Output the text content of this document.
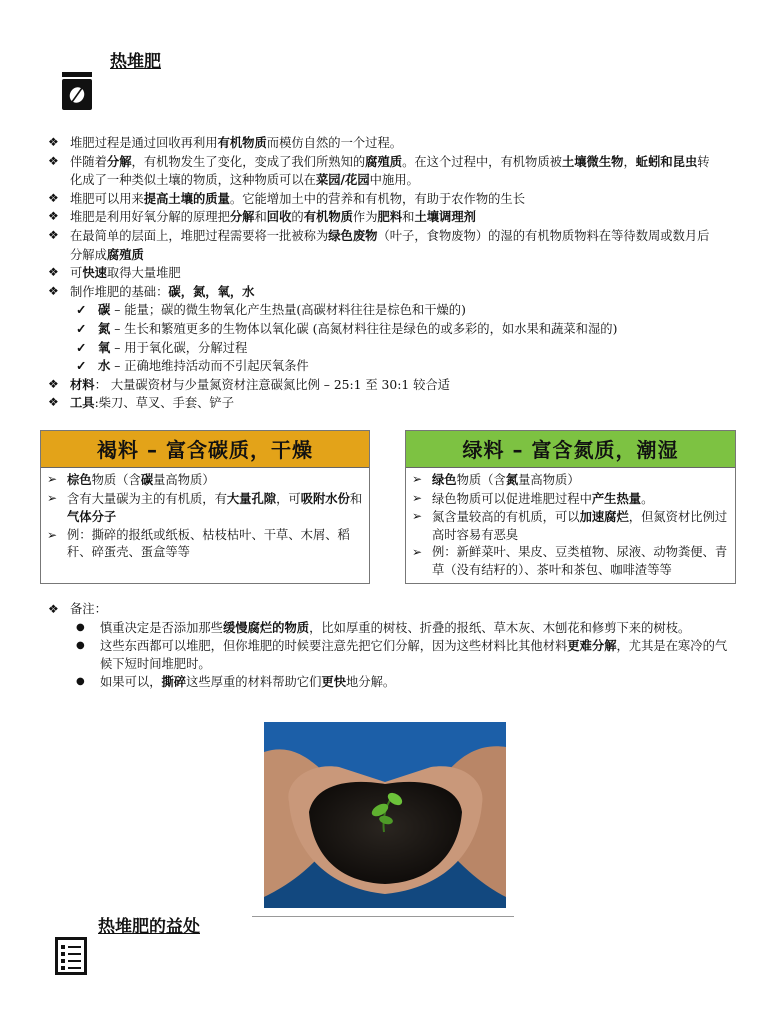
热堆肥
❖ 堆肥过程是通过回收再利用有机物质而模仿自然的一个过程。
❖ 伴随着分解，有机物发生了变化，变成了我们所熟知的腐殖质。在这个过程中，有机物质被土壤微生物，蚯蚓和昆虫转化成了一种类似土壤的物质，这种物质可以在菜园/花园中施用。
❖ 堆肥可以用来提高土壤的质量。它能增加土中的营养和有机物，有助于农作物的生长
❖ 堆肥是利用好氧分解的原理把分解和回收的有机物质作为肥料和土壤调理剂
❖ 在最简单的层面上，堆肥过程需要将一批被称为绿色废物（叶子，食物废物）的湿的有机物质物料在等待数周或数月后分解成腐殖质
❖ 可快速取得大量堆肥
❖ 制作堆肥的基础：碳，氮，氧，水
✓ 碳 – 能量；碳的微生物氧化产生热量(高碳材料往往是棕色和干燥的)
✓ 氮 – 生长和繁殖更多的生物体以氧化碳 (高氮材料往往是绿色的或多彩的，如水果和蔬菜和湿的)
✓ 氧 – 用于氧化碳，分解过程
✓ 水 – 正确地维持活动而不引起厌氧条件
❖ 材料： 大量碳资材与少量氮资材注意碳氮比例 – 25:1 至 30:1 较合适
❖ 工具:柴刀、草叉、手套、铲子
褐料 – 富含碳质，干燥
➢ 棕色物质（含碳量高物质）
➢ 含有大量碳为主的有机质，有大量孔隙，可吸附水份和气体分子
➢ 例：撕碎的报纸或纸板、枯枝枯叶、干草、木屑、稻秆、碎蛋壳、蛋盒等等
绿料 – 富含氮质，潮湿
➢ 绿色物质（含氮量高物质）
➢ 绿色物质可以促进堆肥过程中产生热量。
➢ 氮含量较高的有机质，可以加速腐烂，但氮资材比例过高时容易有恶臭
➢ 例：新鲜菜叶、果皮、豆类植物、尿液、动物粪便、青草（没有结籽的）、茶叶和茶包、咖啡渣等等
❖ 备注：
● 慎重决定是否添加那些缓慢腐烂的物质，比如厚重的树枝、折叠的报纸、草木灰、木刨花和修剪下来的树枝。
● 这些东西都可以堆肥，但你堆肥的时候要注意先把它们分解，因为这些材料比其他材料更难分解，尤其是在寒冷的气候下短时间堆肥时。
● 如果可以，撕碎这些厚重的材料帮助它们更快地分解。
热堆肥的益处
